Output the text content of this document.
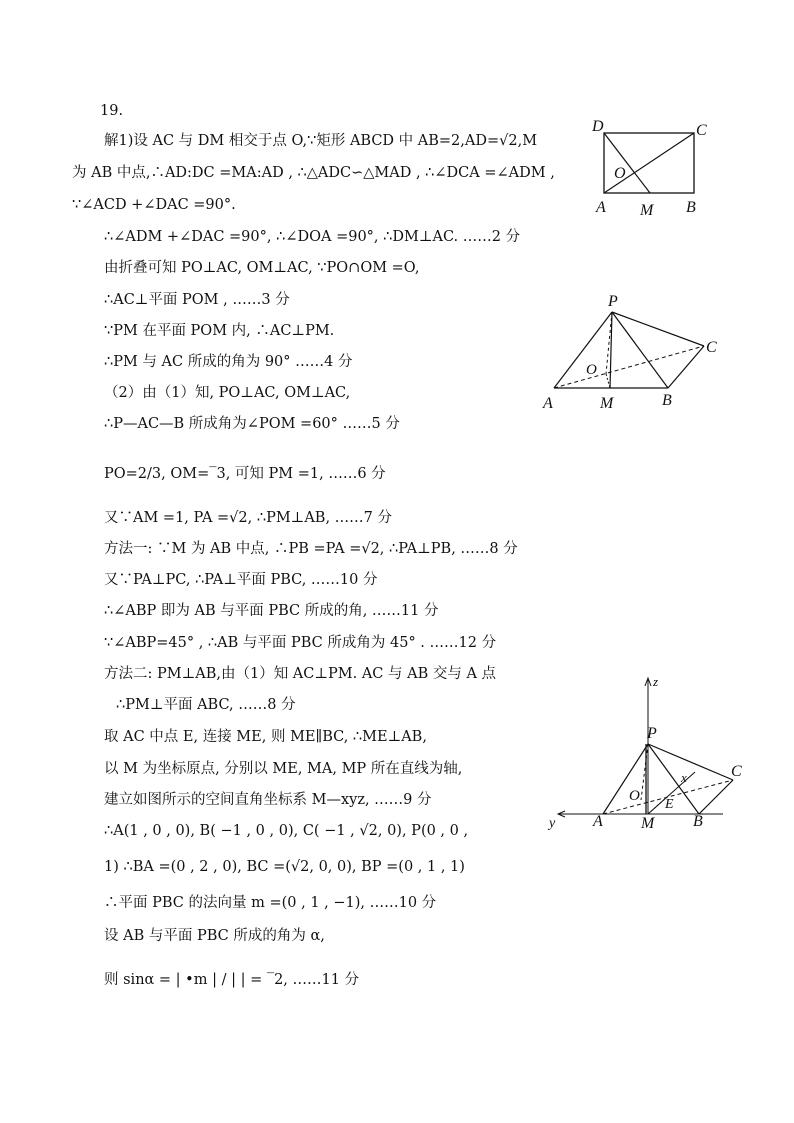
19.
解1)设 AC 与 DM 相交于点 O,∵矩形 ABCD 中 AB=2,AD=√2,M
为 AB 中点,∴AD:DC =MA:AD , ∴△ADC∽△MAD , ∴∠DCA =∠ADM ,
∵∠ACD +∠DAC =90°.
∴∠ADM +∠DAC =90°, ∴∠DOA =90°, ∴DM⊥AC. ……2 分
由折叠可知 PO⊥AC, OM⊥AC, ∵PO∩OM =O,
∴AC⊥平面 POM , ……3 分
∵PM 在平面 POM 内, ∴AC⊥PM.
∴PM 与 AC 所成的角为 90° ……4 分
（2）由（1）知, PO⊥AC, OM⊥AC,
∴P—AC—B 所成角为∠POM =60° ……5 分
PO=2/3, OM=‾3, 可知 PM =1, ……6 分
又∵AM =1, PA =√2, ∴PM⊥AB, ……7 分
方法一: ∵M 为 AB 中点, ∴PB =PA =√2, ∴PA⊥PB, ……8 分
又∵PA⊥PC, ∴PA⊥平面 PBC, ……10 分
∴∠ABP 即为 AB 与平面 PBC 所成的角, ……11 分
∵∠ABP=45° , ∴AB 与平面 PBC 所成角为 45° . ……12 分
方法二: PM⊥AB,由（1）知 AC⊥PM. AC 与 AB 交与 A 点
∴PM⊥平面 ABC, ……8 分
取 AC 中点 E, 连接 ME, 则 ME∥BC, ∴ME⊥AB,
以 M 为坐标原点, 分别以 ME, MA, MP 所在直线为轴,
建立如图所示的空间直角坐标系 M—xyz, ……9 分
∴A(1 , 0 , 0), B( −1 , 0 , 0), C( −1 , √2, 0), P(0 , 0 ,
1) ∴BA =(0 , 2 , 0), BC =(√2, 0, 0), BP =(0 , 1 , 1)
∴平面 PBC 的法向量 m =(0 , 1 , −1), ……10 分
设 AB 与平面 PBC 所成的角为 α,
则 sinα = | •m | / | | = ‾2, ……11 分
D	C
O
A M B
P
C
O
A	M	B
z
P
x	C
O
E
y A M B
